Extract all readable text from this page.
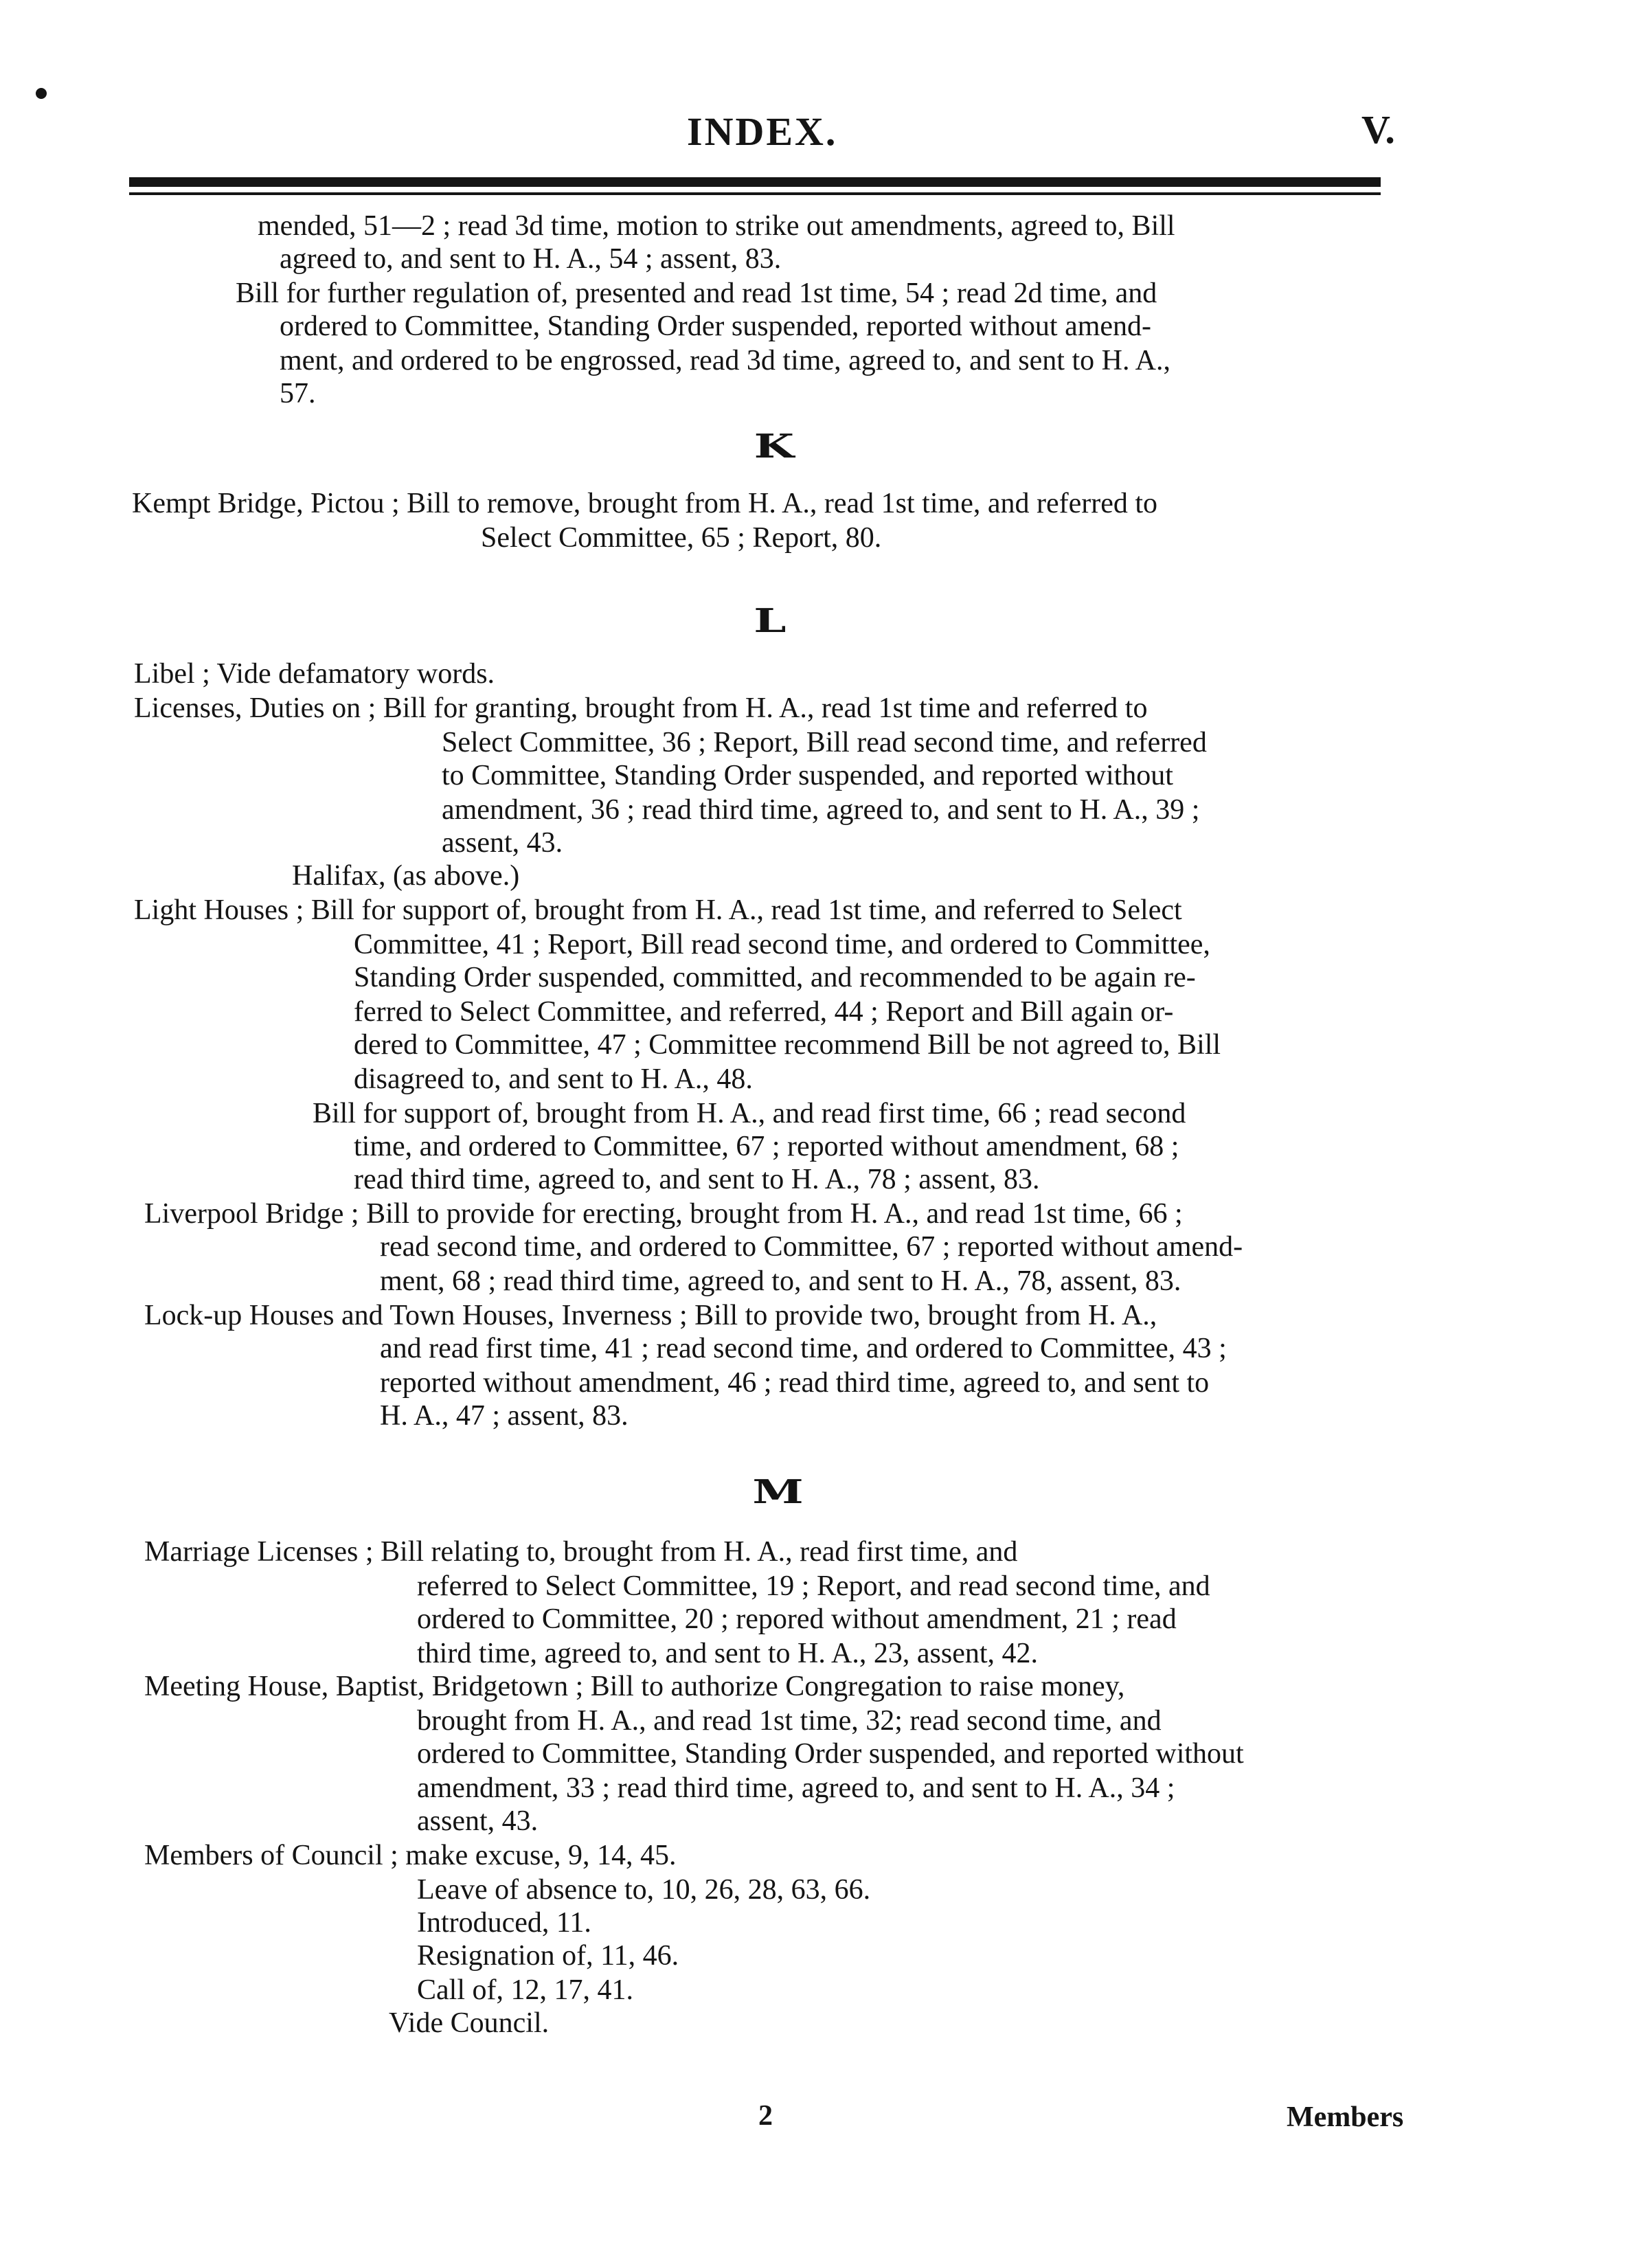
INDEX.	V.

mended, 51—2 ; read 3d time, motion to strike out amendments, agreed to, Bill

agreed to, and sent to H. A., 54 ; assent, 83.

Bill for further regulation of, presented and read 1st time, 54 ; read 2d time, and

ordered to Committee, Standing Order suspended, reported without amend-

ment, and ordered to be engrossed, read 3d time, agreed to, and sent to H. A.,

57.

K

Kempt Bridge, Pictou ; Bill to remove, brought from H. A., read 1st time, and referred to

Select Committee, 65 ; Report, 80.

L

Libel ; Vide defamatory words.

Licenses, Duties on ; Bill for granting, brought from H. A., read 1st time and referred to

Select Committee, 36 ; Report, Bill read second time, and referred

to Committee, Standing Order suspended, and reported without

amendment, 36 ; read third time, agreed to, and sent to H. A., 39 ;

assent, 43.

Halifax, (as above.)

Light Houses ; Bill for support of, brought from H. A., read 1st time, and referred to Select

Committee, 41 ; Report, Bill read second time, and ordered to Committee,

Standing Order suspended, committed, and recommended to be again re-

ferred to Select Committee, and referred, 44 ; Report and Bill again or-

dered to Committee, 47 ; Committee recommend Bill be not agreed to, Bill

disagreed to, and sent to H. A., 48.

Bill for support of, brought from H. A., and read first time, 66 ; read second

time, and ordered to Committee, 67 ; reported without amendment, 68 ;

read third time, agreed to, and sent to H. A., 78 ; assent, 83.

Liverpool Bridge ; Bill to provide for erecting, brought from H. A., and read 1st time, 66 ;

read second time, and ordered to Committee, 67 ; reported without amend-

ment, 68 ; read third time, agreed to, and sent to H. A., 78, assent, 83.

Lock-up Houses and Town Houses, Inverness ; Bill to provide two, brought from H. A.,

and read first time, 41 ; read second time, and ordered to Committee, 43 ;

reported without amendment, 46 ; read third time, agreed to, and sent to

H. A., 47 ; assent, 83.

M

Marriage Licenses ; Bill relating to, brought from H. A., read first time, and

referred to Select Committee, 19 ; Report, and read second time, and

ordered to Committee, 20 ; repored without amendment, 21 ; read

third time, agreed to, and sent to H. A., 23, assent, 42.

Meeting House, Baptist, Bridgetown ; Bill to authorize Congregation to raise money,

brought from H. A., and read 1st time, 32; read second time, and

ordered to Committee, Standing Order suspended, and reported without

amendment, 33 ; read third time, agreed to, and sent to H. A., 34 ;

assent, 43.

Members of Council ; make excuse, 9, 14, 45.

Leave of absence to, 10, 26, 28, 63, 66.

Introduced, 11.

Resignation of, 11, 46.

Call of, 12, 17, 41.

Vide Council.

2	Members
